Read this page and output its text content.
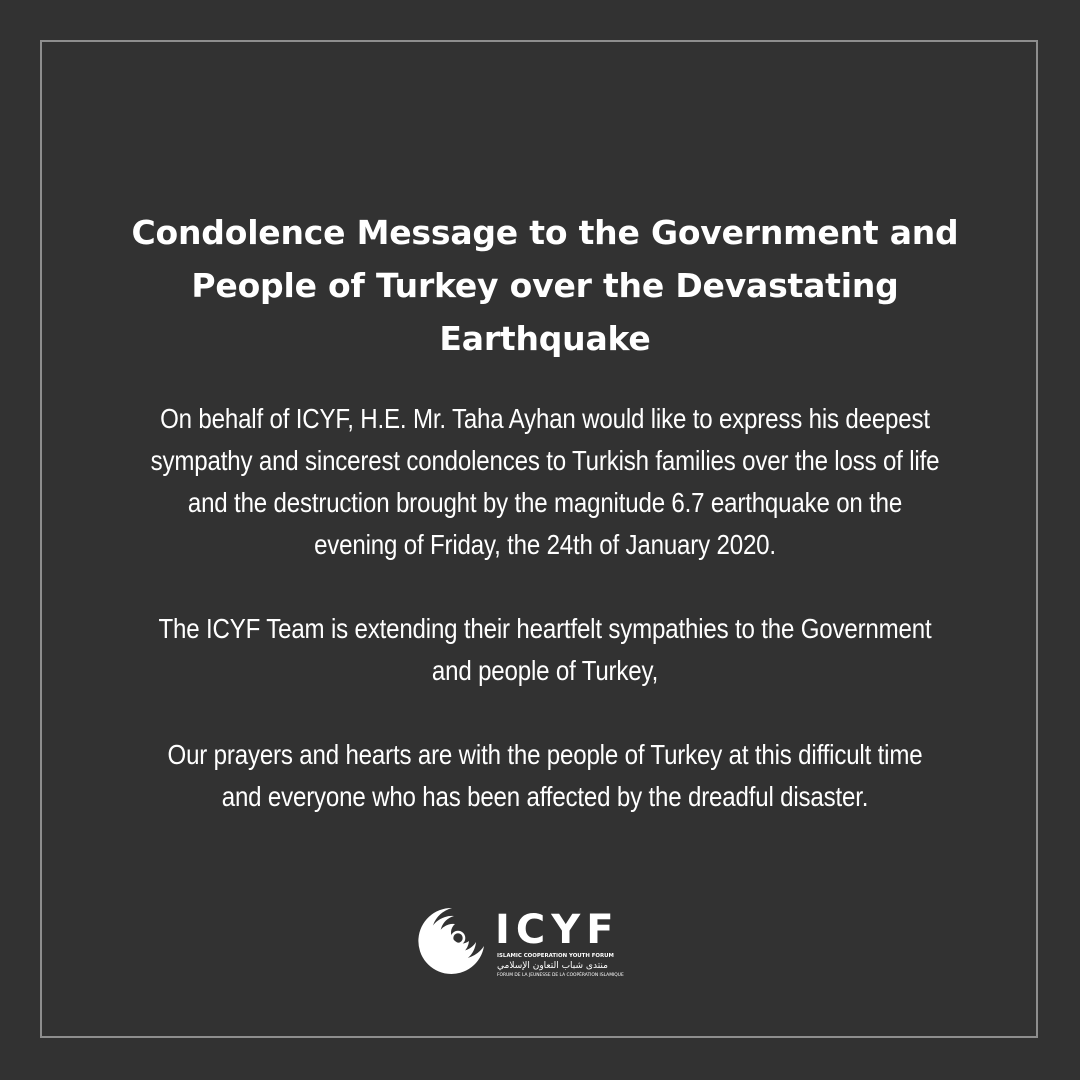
Condolence Message to the Government and People of Turkey over the Devastating Earthquake

On behalf of ICYF, H.E. Mr. Taha Ayhan would like to express his deepest sympathy and sincerest condolences to Turkish families over the loss of life and the destruction brought by the magnitude 6.7 earthquake on the evening of Friday, the 24th of January 2020.

The ICYF Team is extending their heartfelt sympathies to the Government and people of Turkey,

Our prayers and hearts are with the people of Turkey at this difficult time and everyone who has been affected by the dreadful disaster.

ICYF
ISLAMIC COOPERATION YOUTH FORUM
منتدى شباب التعاون الإسلامي
FORUM DE LA JEUNESSE DE LA COOPÉRATION ISLAMIQUE
